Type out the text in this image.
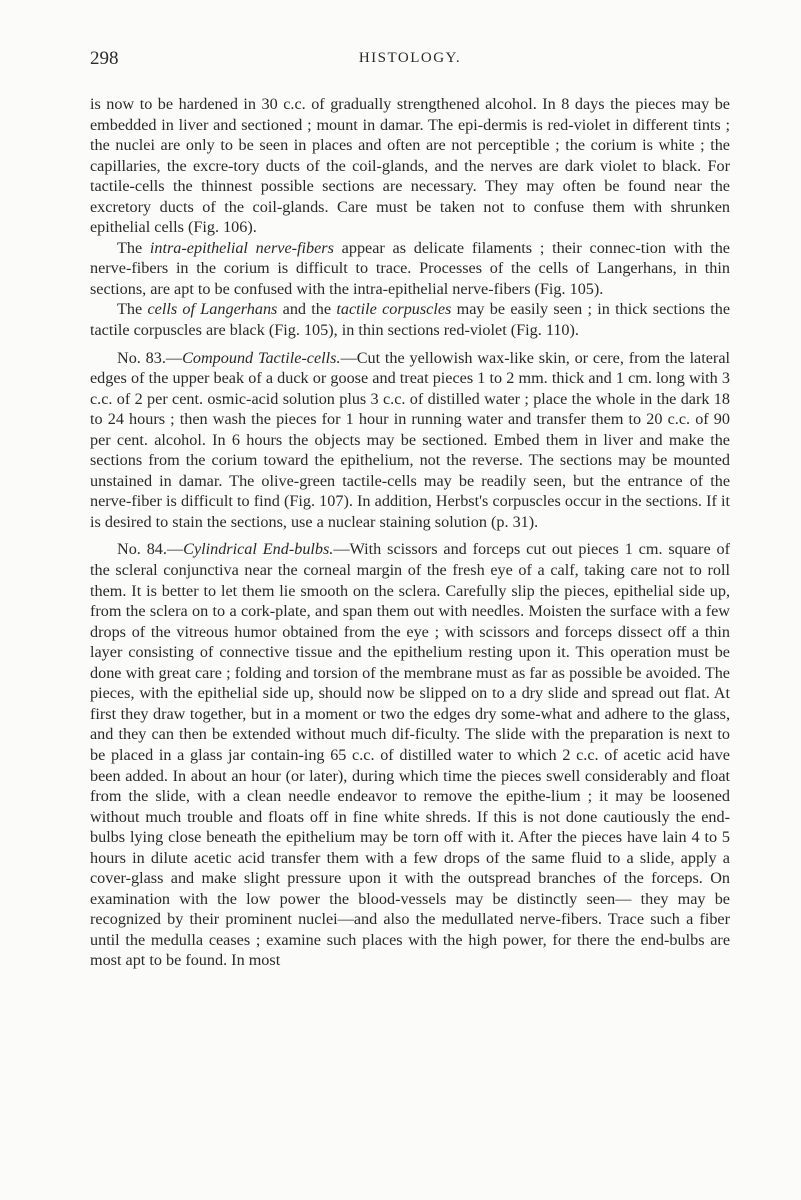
298	HISTOLOGY.

is now to be hardened in 30 c.c. of gradually strengthened alcohol. In 8 days the pieces may be embedded in liver and sectioned ; mount in damar. The epi-dermis is red-violet in different tints ; the nuclei are only to be seen in places and often are not perceptible ; the corium is white ; the capillaries, the excre-tory ducts of the coil-glands, and the nerves are dark violet to black. For tactile-cells the thinnest possible sections are necessary. They may often be found near the excretory ducts of the coil-glands. Care must be taken not to confuse them with shrunken epithelial cells (Fig. 106).

The intra-epithelial nerve-fibers appear as delicate filaments ; their connec-tion with the nerve-fibers in the corium is difficult to trace. Processes of the cells of Langerhans, in thin sections, are apt to be confused with the intra-epithelial nerve-fibers (Fig. 105).

The cells of Langerhans and the tactile corpuscles may be easily seen ; in thick sections the tactile corpuscles are black (Fig. 105), in thin sections red-violet (Fig. 110).

No. 83.—Compound Tactile-cells.—Cut the yellowish wax-like skin, or cere, from the lateral edges of the upper beak of a duck or goose and treat pieces 1 to 2 mm. thick and 1 cm. long with 3 c.c. of 2 per cent. osmic-acid solution plus 3 c.c. of distilled water ; place the whole in the dark 18 to 24 hours ; then wash the pieces for 1 hour in running water and transfer them to 20 c.c. of 90 per cent. alcohol. In 6 hours the objects may be sectioned. Embed them in liver and make the sections from the corium toward the epithelium, not the reverse. The sections may be mounted unstained in damar. The olive-green tactile-cells may be readily seen, but the entrance of the nerve-fiber is difficult to find (Fig. 107). In addition, Herbst's corpuscles occur in the sections. If it is desired to stain the sections, use a nuclear staining solution (p. 31).

No. 84.—Cylindrical End-bulbs.—With scissors and forceps cut out pieces 1 cm. square of the scleral conjunctiva near the corneal margin of the fresh eye of a calf, taking care not to roll them. It is better to let them lie smooth on the sclera. Carefully slip the pieces, epithelial side up, from the sclera on to a cork-plate, and span them out with needles. Moisten the surface with a few drops of the vitreous humor obtained from the eye ; with scissors and forceps dissect off a thin layer consisting of connective tissue and the epithelium resting upon it. This operation must be done with great care ; folding and torsion of the membrane must as far as possible be avoided. The pieces, with the epithelial side up, should now be slipped on to a dry slide and spread out flat. At first they draw together, but in a moment or two the edges dry some-what and adhere to the glass, and they can then be extended without much dif-ficulty. The slide with the preparation is next to be placed in a glass jar contain-ing 65 c.c. of distilled water to which 2 c.c. of acetic acid have been added. In about an hour (or later), during which time the pieces swell considerably and float from the slide, with a clean needle endeavor to remove the epithe-lium ; it may be loosened without much trouble and floats off in fine white shreds. If this is not done cautiously the end-bulbs lying close beneath the epithelium may be torn off with it. After the pieces have lain 4 to 5 hours in dilute acetic acid transfer them with a few drops of the same fluid to a slide, apply a cover-glass and make slight pressure upon it with the outspread branches of the forceps. On examination with the low power the blood-vessels may be distinctly seen— they may be recognized by their prominent nuclei—and also the medullated nerve-fibers. Trace such a fiber until the medulla ceases ; examine such places with the high power, for there the end-bulbs are most apt to be found. In most
